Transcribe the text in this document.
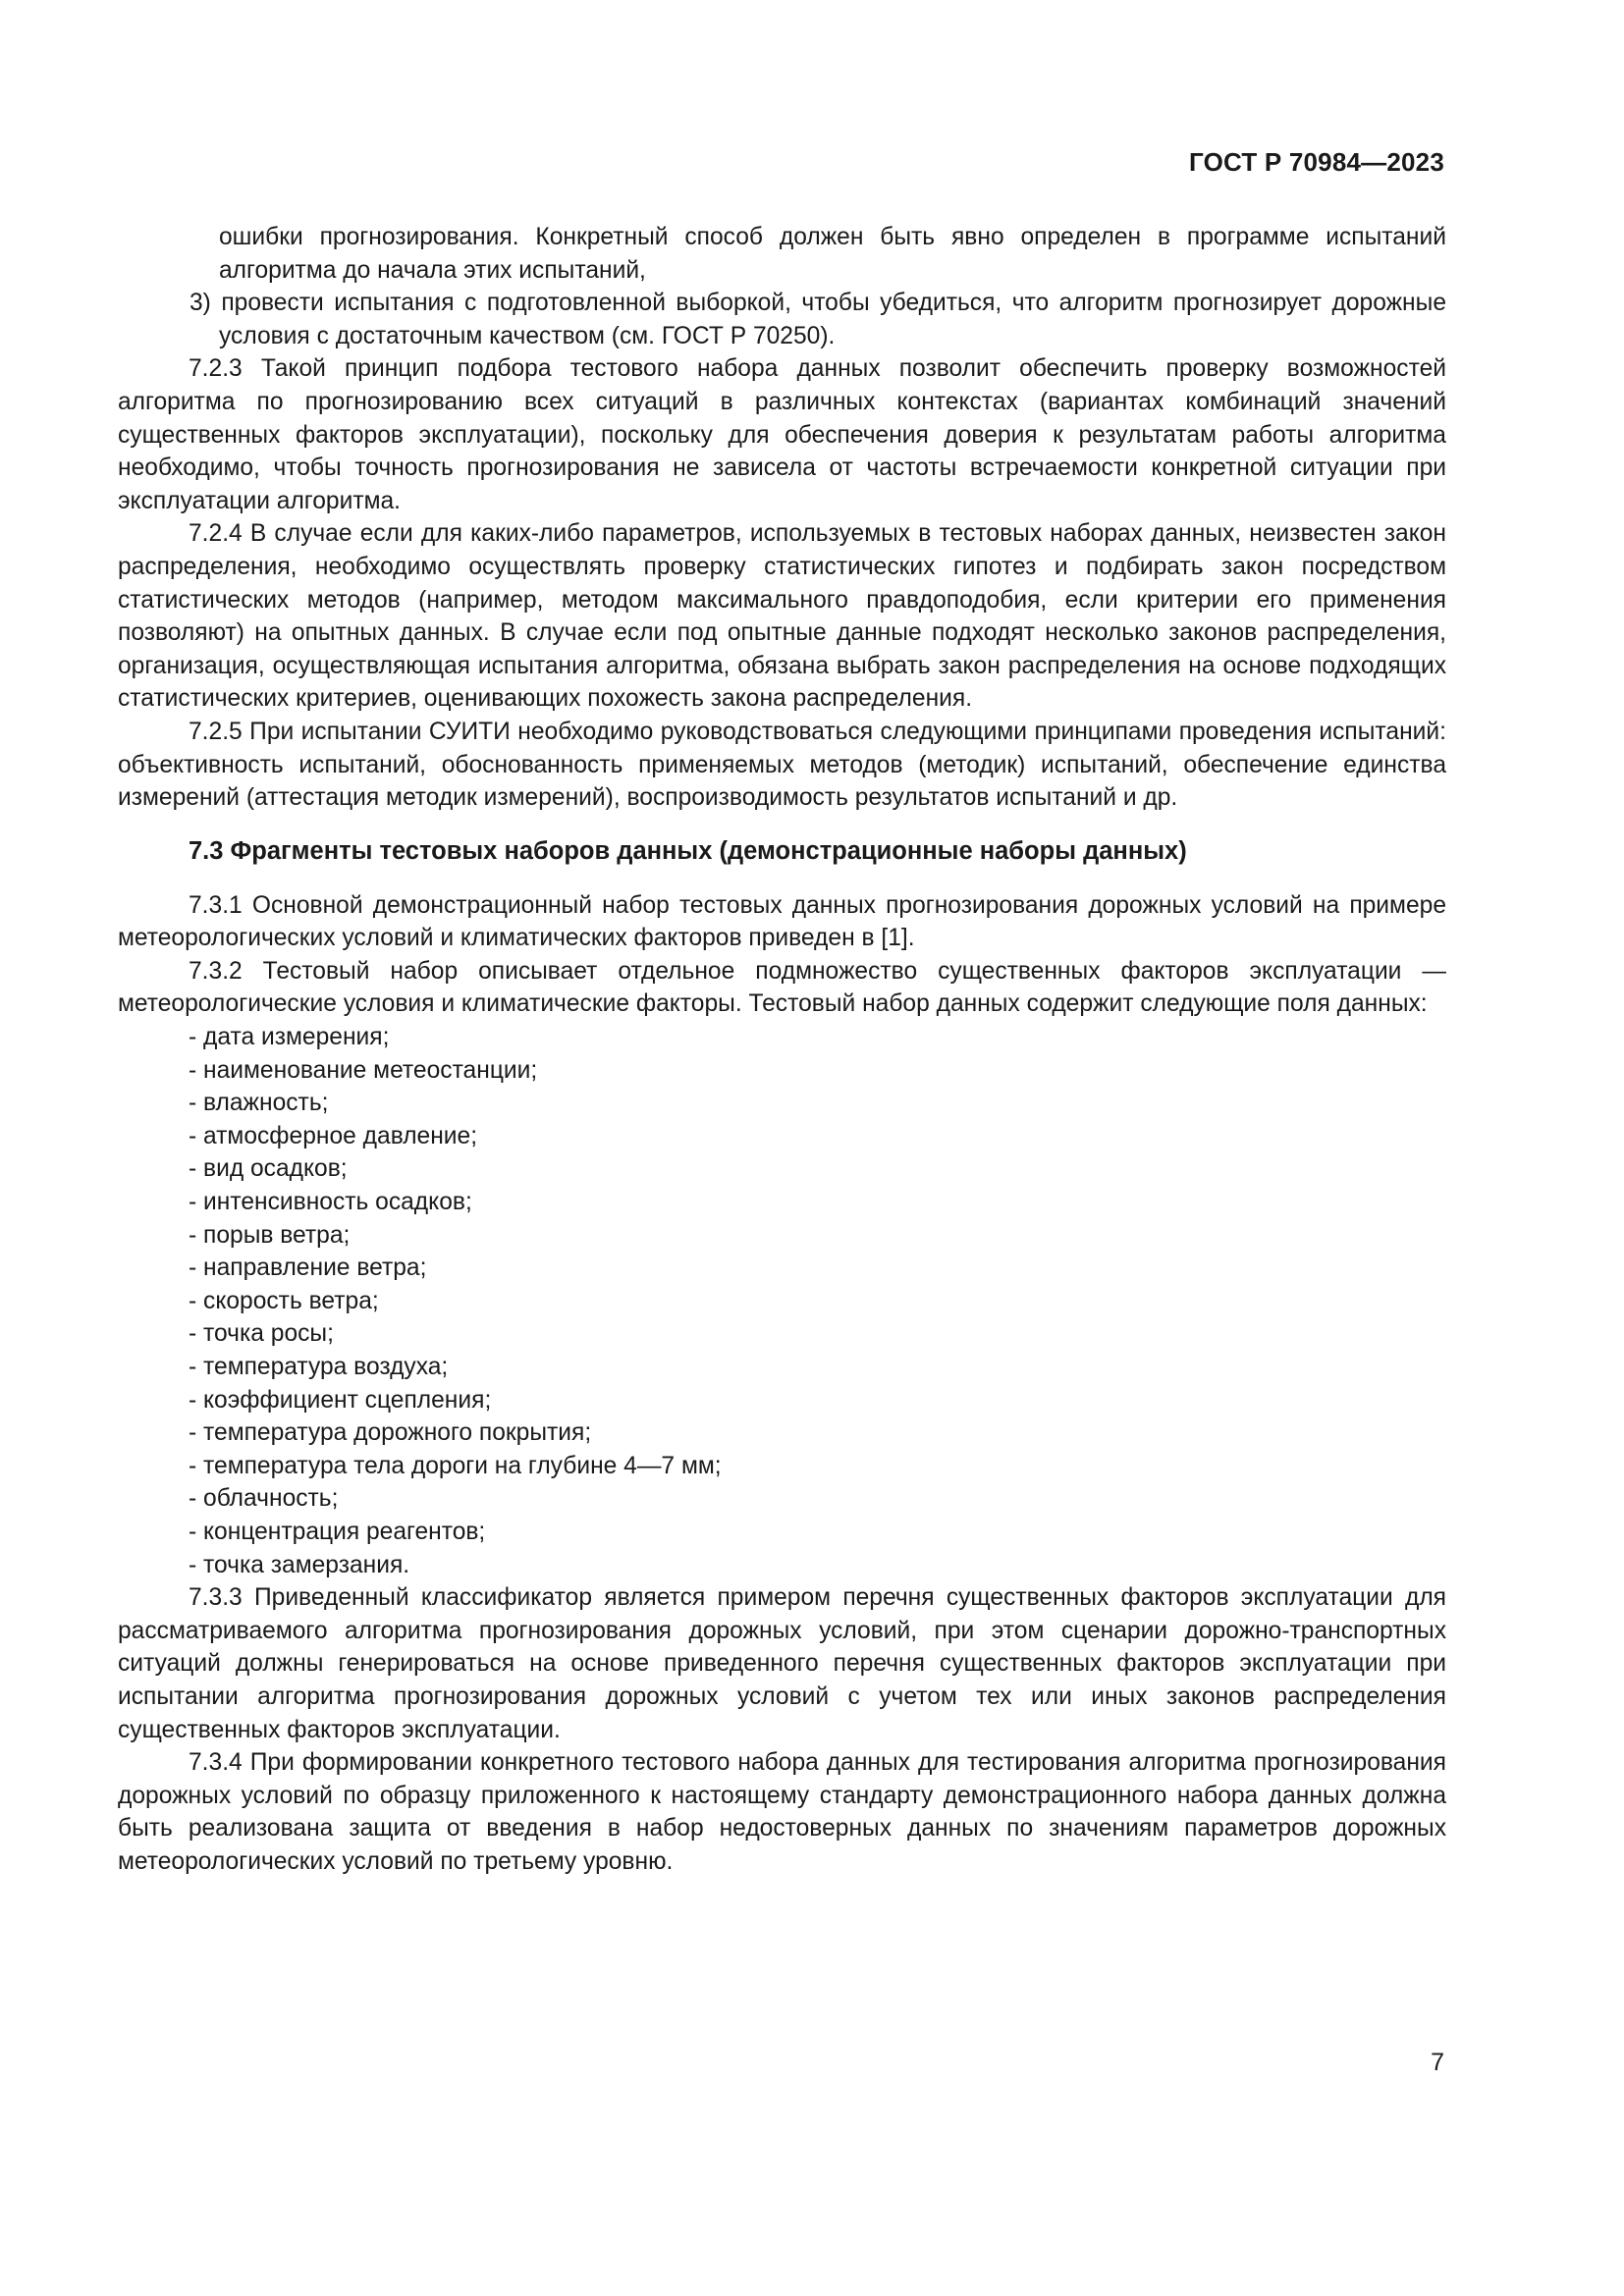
ГОСТ Р 70984—2023

ошибки прогнозирования. Конкретный способ должен быть явно определен в программе испытаний алгоритма до начала этих испытаний,

3) провести испытания с подготовленной выборкой, чтобы убедиться, что алгоритм прогнозирует дорожные условия с достаточным качеством (см. ГОСТ Р 70250).

7.2.3 Такой принцип подбора тестового набора данных позволит обеспечить проверку возможностей алгоритма по прогнозированию всех ситуаций в различных контекстах (вариантах комбинаций значений существенных факторов эксплуатации), поскольку для обеспечения доверия к результатам работы алгоритма необходимо, чтобы точность прогнозирования не зависела от частоты встречаемости конкретной ситуации при эксплуатации алгоритма.

7.2.4 В случае если для каких-либо параметров, используемых в тестовых наборах данных, неизвестен закон распределения, необходимо осуществлять проверку статистических гипотез и подбирать закон посредством статистических методов (например, методом максимального правдоподобия, если критерии его применения позволяют) на опытных данных. В случае если под опытные данные подходят несколько законов распределения, организация, осуществляющая испытания алгоритма, обязана выбрать закон распределения на основе подходящих статистических критериев, оценивающих похожесть закона распределения.

7.2.5 При испытании СУИТИ необходимо руководствоваться следующими принципами проведения испытаний: объективность испытаний, обоснованность применяемых методов (методик) испытаний, обеспечение единства измерений (аттестация методик измерений), воспроизводимость результатов испытаний и др.

7.3 Фрагменты тестовых наборов данных (демонстрационные наборы данных)

7.3.1 Основной демонстрационный набор тестовых данных прогнозирования дорожных условий на примере метеорологических условий и климатических факторов приведен в [1].

7.3.2 Тестовый набор описывает отдельное подмножество существенных факторов эксплуатации — метеорологические условия и климатические факторы. Тестовый набор данных содержит следующие поля данных:

- дата измерения;
- наименование метеостанции;
- влажность;
- атмосферное давление;
- вид осадков;
- интенсивность осадков;
- порыв ветра;
- направление ветра;
- скорость ветра;
- точка росы;
- температура воздуха;
- коэффициент сцепления;
- температура дорожного покрытия;
- температура тела дороги на глубине 4—7 мм;
- облачность;
- концентрация реагентов;
- точка замерзания.

7.3.3 Приведенный классификатор является примером перечня существенных факторов эксплуатации для рассматриваемого алгоритма прогнозирования дорожных условий, при этом сценарии дорожно-транспортных ситуаций должны генерироваться на основе приведенного перечня существенных факторов эксплуатации при испытании алгоритма прогнозирования дорожных условий с учетом тех или иных законов распределения существенных факторов эксплуатации.

7.3.4 При формировании конкретного тестового набора данных для тестирования алгоритма прогнозирования дорожных условий по образцу приложенного к настоящему стандарту демонстрационного набора данных должна быть реализована защита от введения в набор недостоверных данных по значениям параметров дорожных метеорологических условий по третьему уровню.

7
